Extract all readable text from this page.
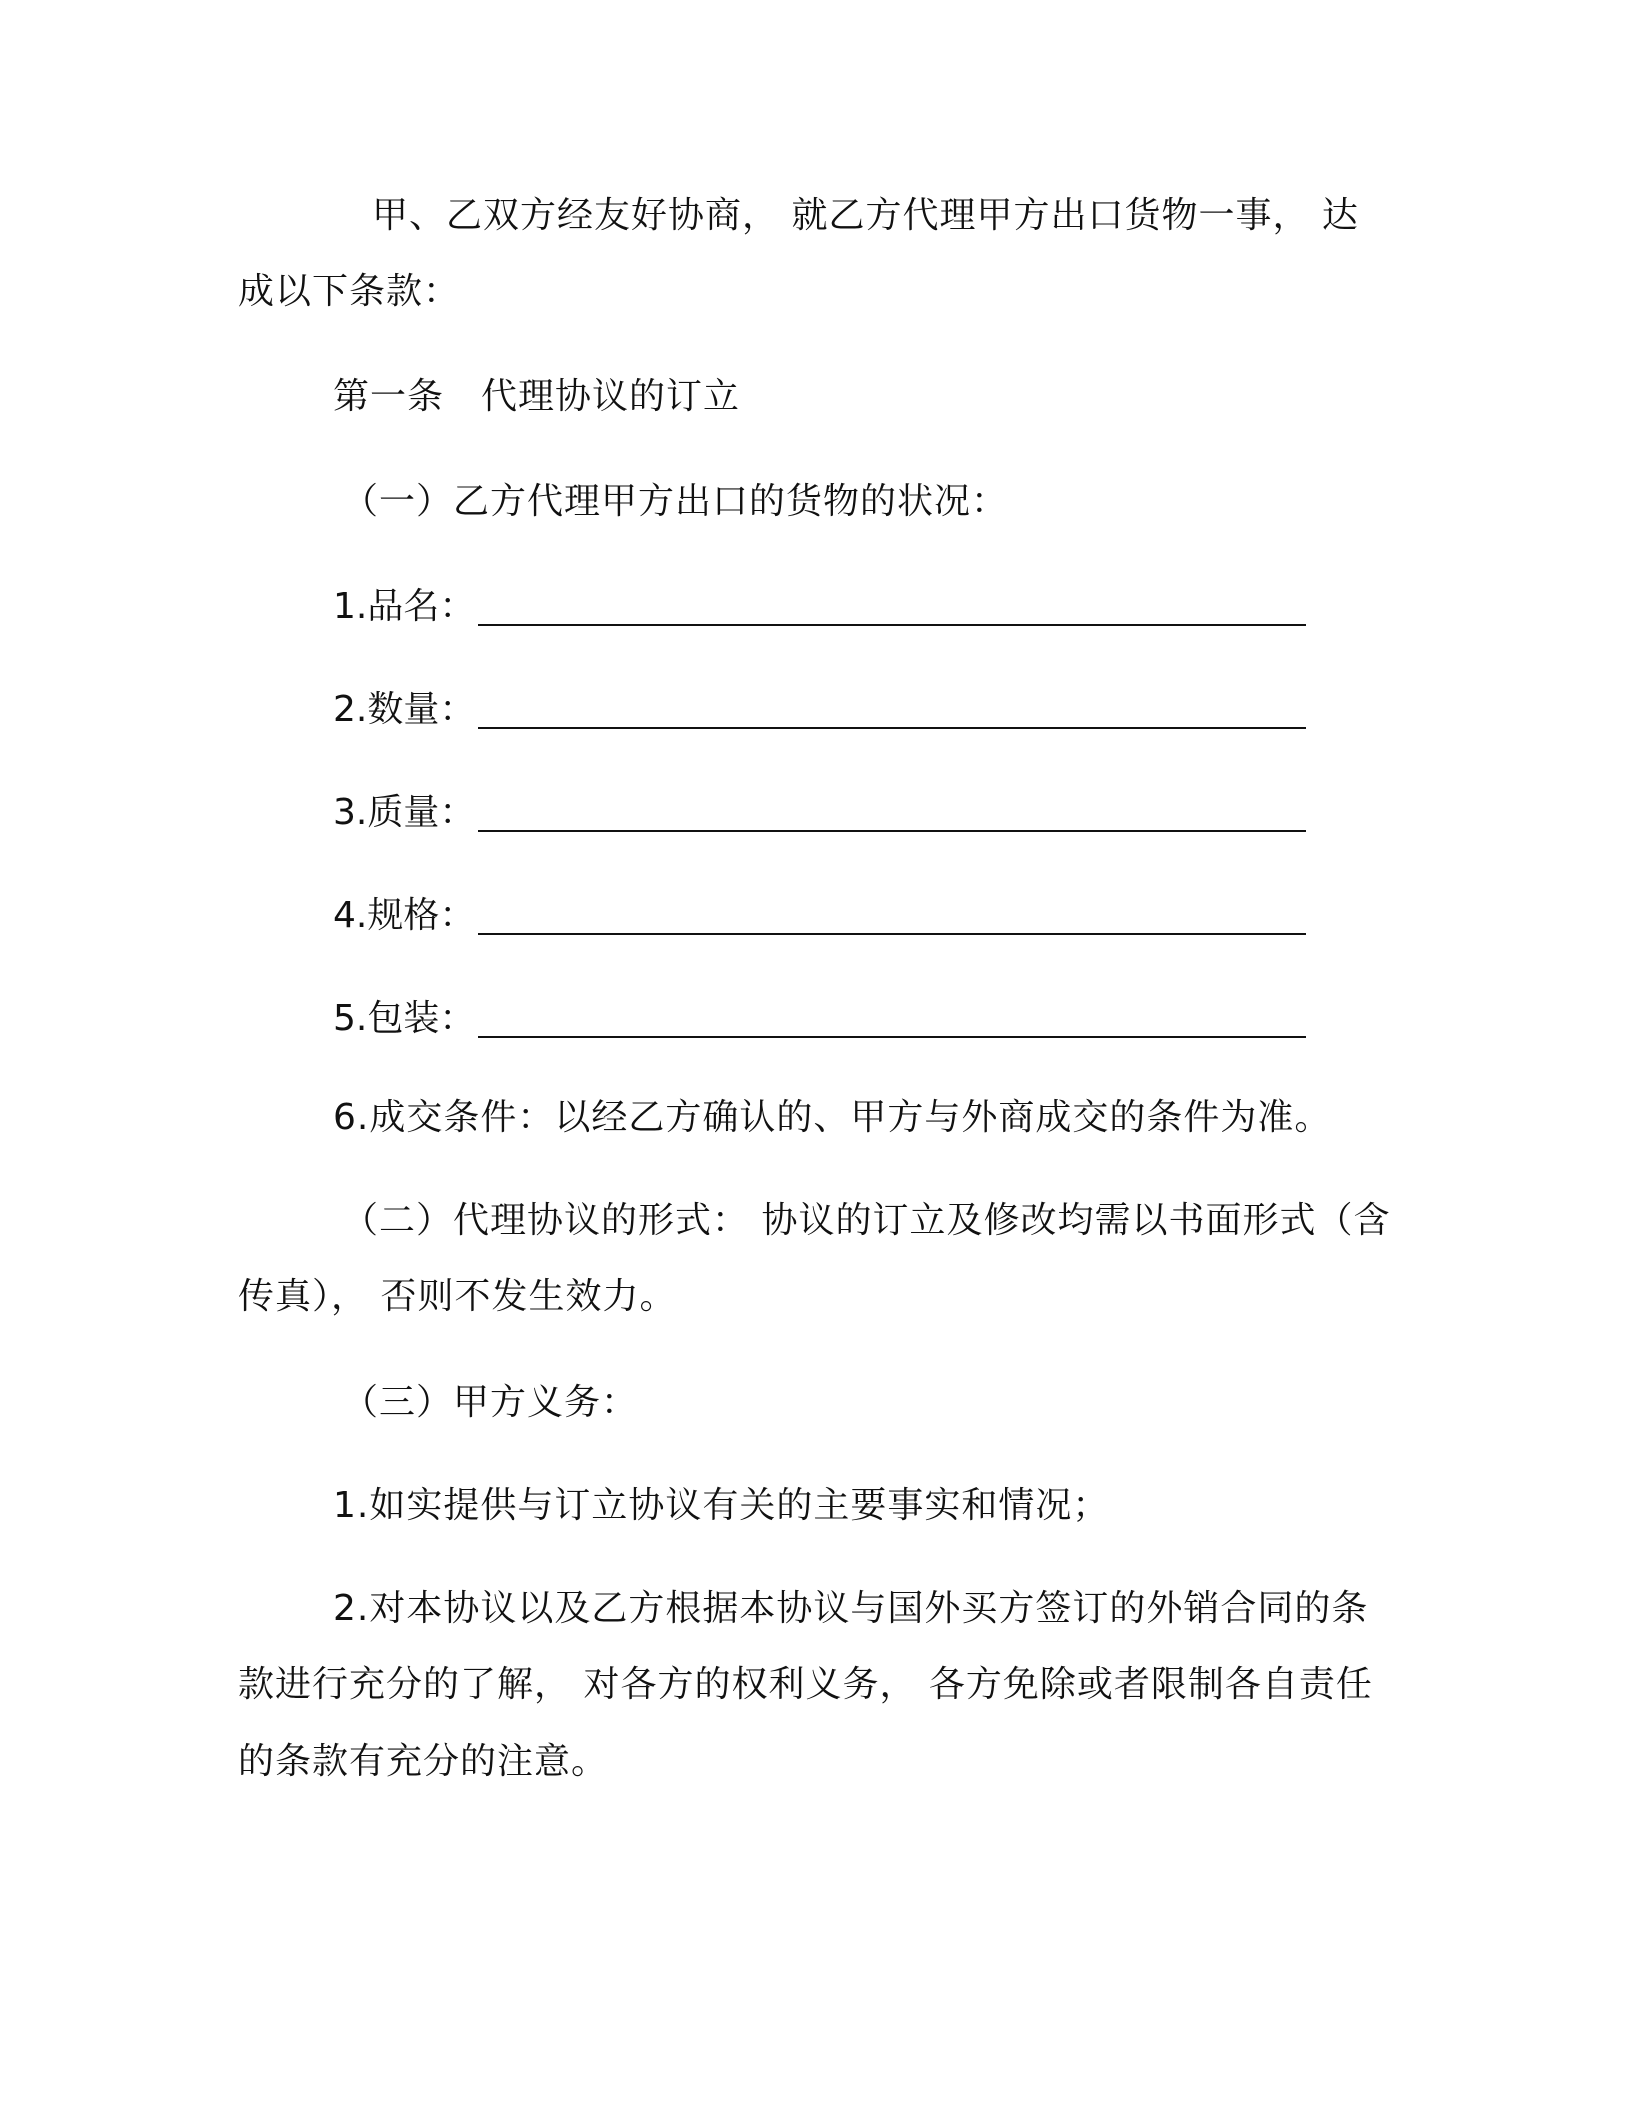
甲、乙双方经友好协商， 就乙方代理甲方出口货物一事， 达
成以下条款：
第一条　代理协议的订立
（一）乙方代理甲方出口的货物的状况：
1.品名：
2.数量：
3.质量：
4.规格：
5.包装：
6.成交条件：以经乙方确认的、甲方与外商成交的条件为准。
（二）代理协议的形式： 协议的订立及修改均需以书面形式（含
传真）， 否则不发生效力。
（三）甲方义务：
1.如实提供与订立协议有关的主要事实和情况；
2.对本协议以及乙方根据本协议与国外买方签订的外销合同的条
款进行充分的了解， 对各方的权利义务， 各方免除或者限制各自责任
的条款有充分的注意。
